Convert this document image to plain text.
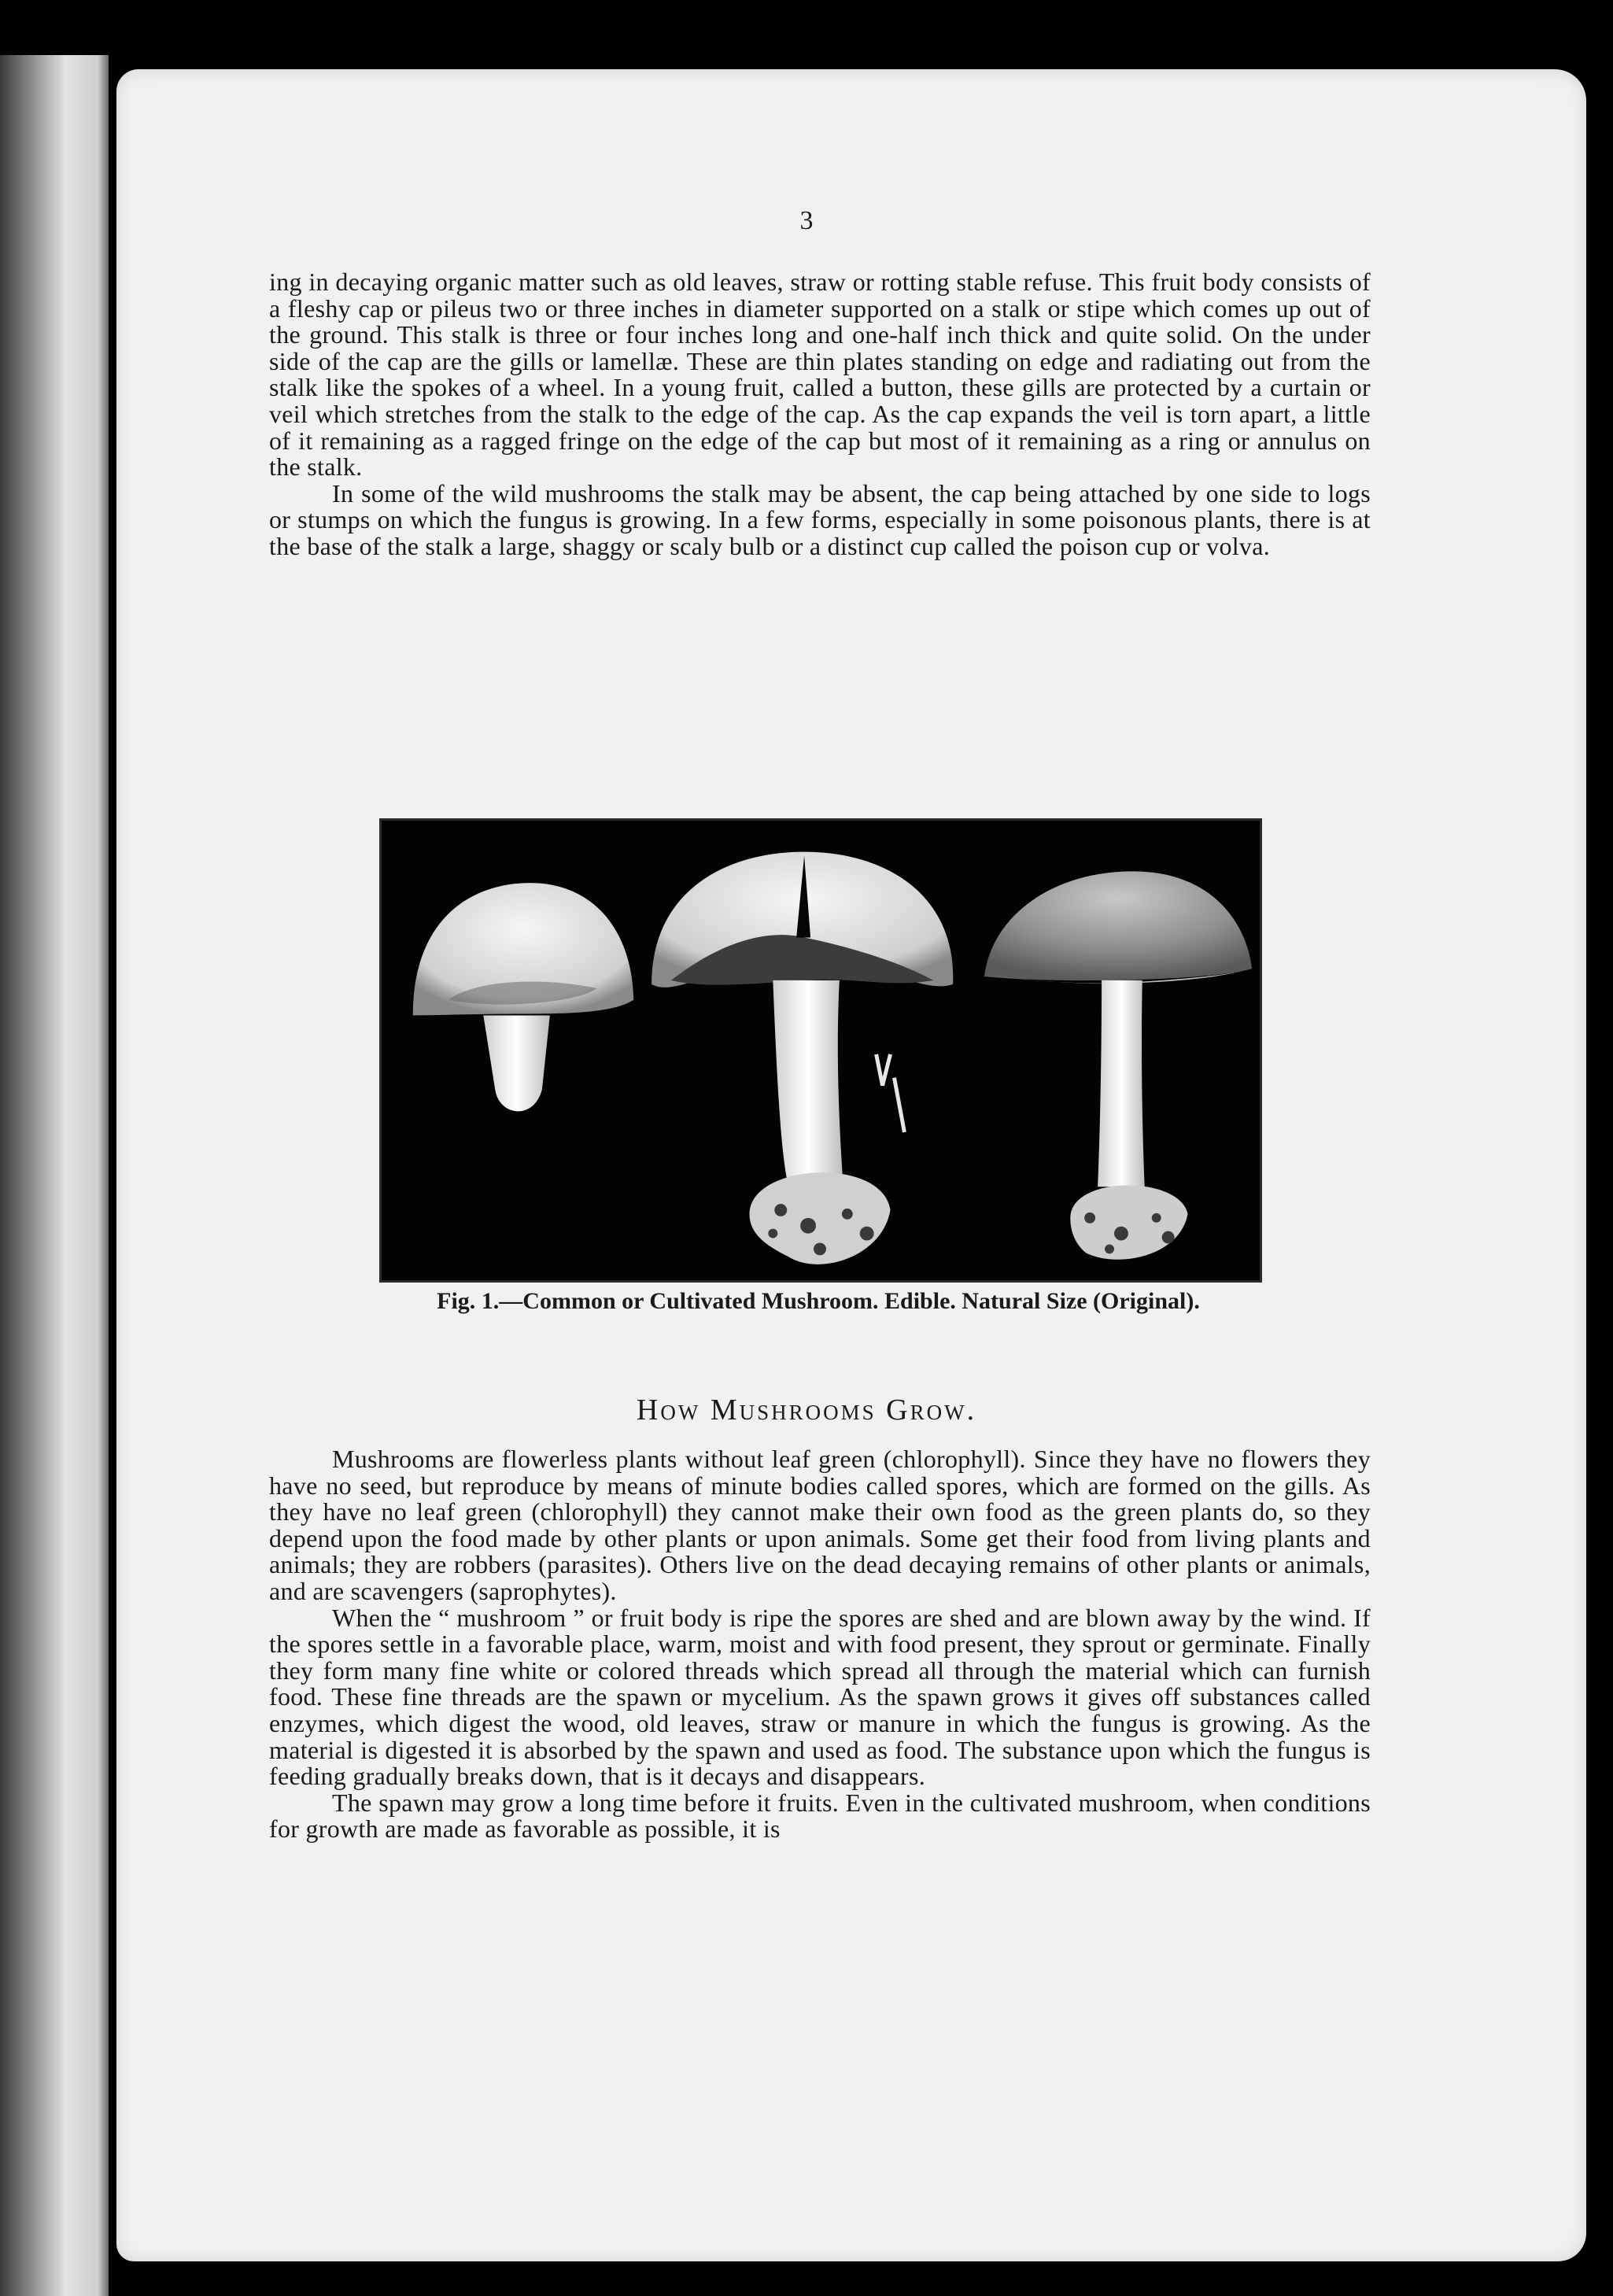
3

ing in decaying organic matter such as old leaves, straw or rotting stable refuse. This fruit body consists of a fleshy cap or pileus two or three inches in diameter supported on a stalk or stipe which comes up out of the ground. This stalk is three or four inches long and one-half inch thick and quite solid. On the under side of the cap are the gills or lamellæ. These are thin plates standing on edge and radiating out from the stalk like the spokes of a wheel. In a young fruit, called a button, these gills are protected by a curtain or veil which stretches from the stalk to the edge of the cap. As the cap expands the veil is torn apart, a little of it remaining as a ragged fringe on the edge of the cap but most of it remaining as a ring or annulus on the stalk.

In some of the wild mushrooms the stalk may be absent, the cap being attached by one side to logs or stumps on which the fungus is growing. In a few forms, especially in some poisonous plants, there is at the base of the stalk a large, shaggy or scaly bulb or a distinct cup called the poison cup or volva.

Fig. 1.—Common or Cultivated Mushroom. Edible. Natural Size (Original).
How Mushrooms Grow.

Mushrooms are flowerless plants without leaf green (chlorophyll). Since they have no flowers they have no seed, but reproduce by means of minute bodies called spores, which are formed on the gills. As they have no leaf green (chlorophyll) they cannot make their own food as the green plants do, so they depend upon the food made by other plants or upon animals. Some get their food from living plants and animals; they are robbers (parasites). Others live on the dead decaying remains of other plants or animals, and are scavengers (saprophytes).

When the “ mushroom ” or fruit body is ripe the spores are shed and are blown away by the wind. If the spores settle in a favorable place, warm, moist and with food present, they sprout or germinate. Finally they form many fine white or colored threads which spread all through the material which can furnish food. These fine threads are the spawn or mycelium. As the spawn grows it gives off substances called enzymes, which digest the wood, old leaves, straw or manure in which the fungus is growing. As the material is digested it is absorbed by the spawn and used as food. The substance upon which the fungus is feeding gradually breaks down, that is it decays and disappears.

The spawn may grow a long time before it fruits. Even in the cultivated mushroom, when conditions for growth are made as favorable as possible, it is
